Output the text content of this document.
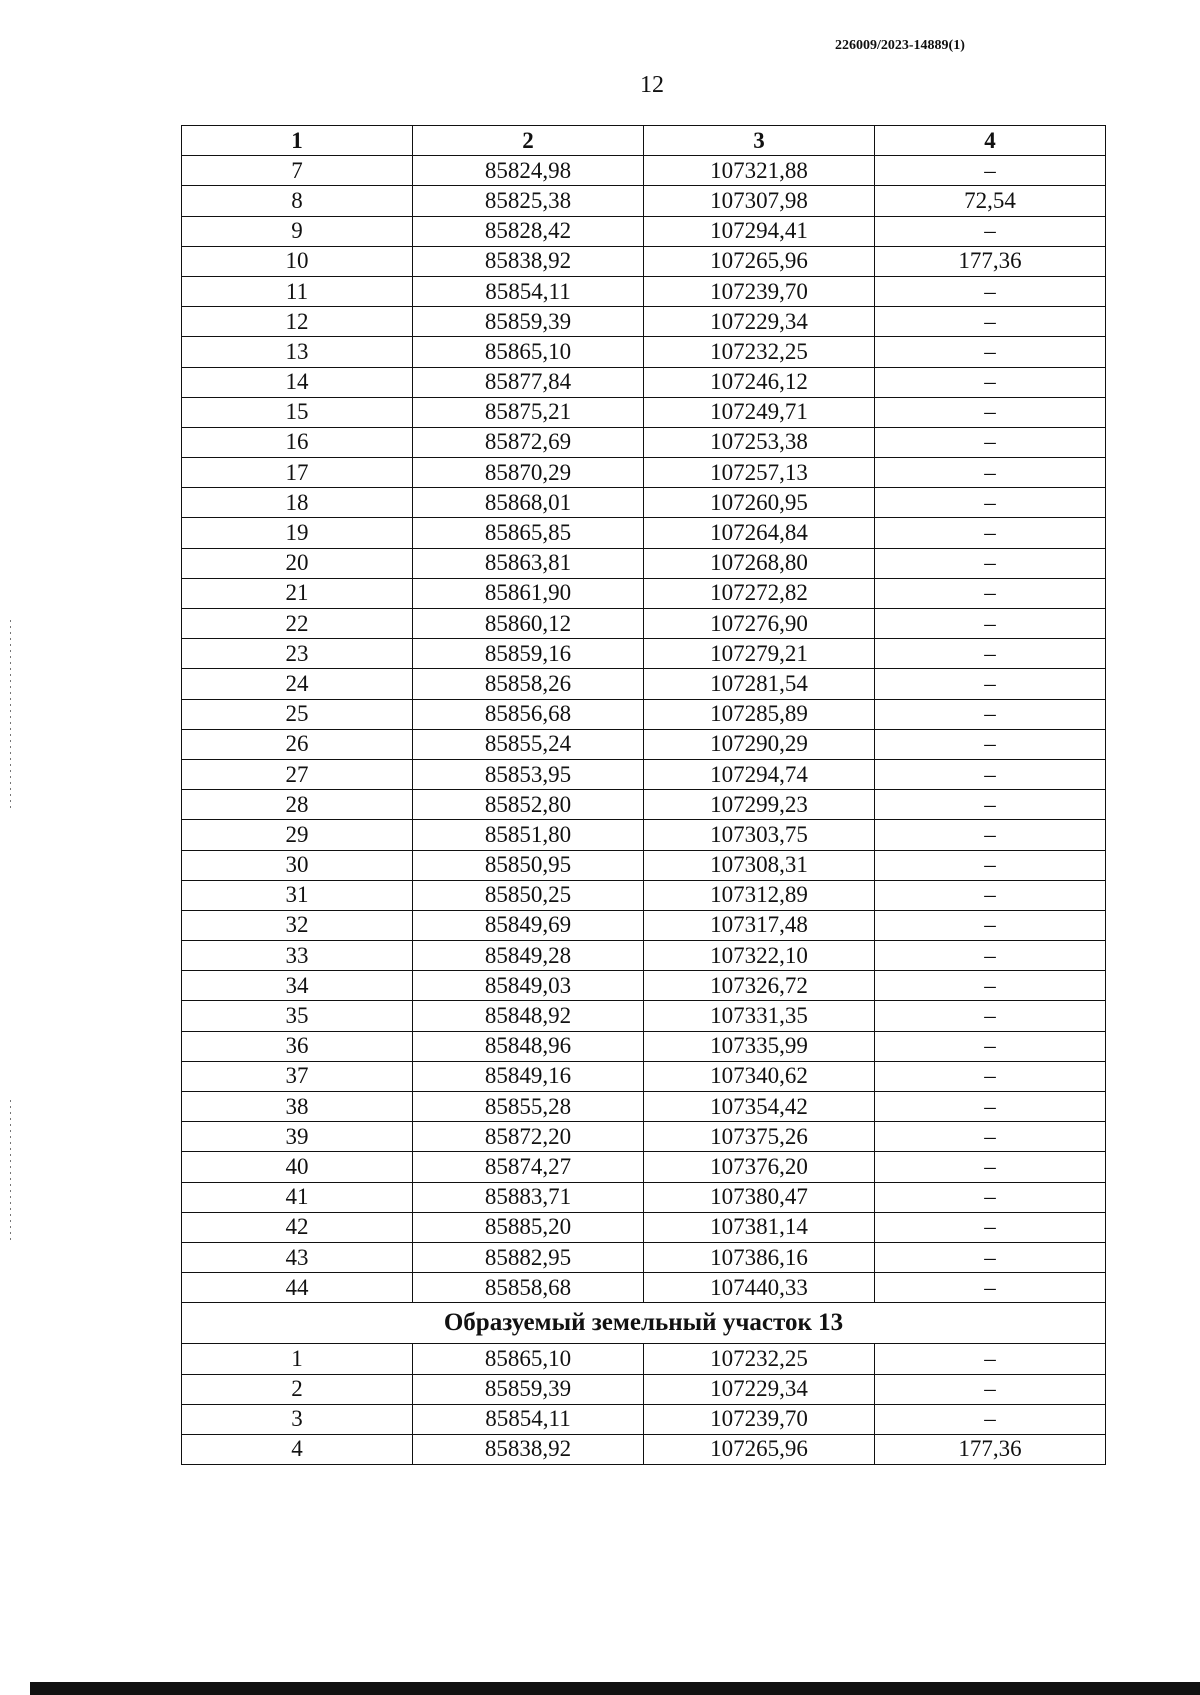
226009/2023-14889(1)
12
1	2	3	4
7	85824,98	107321,88	–
8	85825,38	107307,98	72,54
9	85828,42	107294,41	–
10	85838,92	107265,96	177,36
11	85854,11	107239,70	–
12	85859,39	107229,34	–
13	85865,10	107232,25	–
14	85877,84	107246,12	–
15	85875,21	107249,71	–
16	85872,69	107253,38	–
17	85870,29	107257,13	–
18	85868,01	107260,95	–
19	85865,85	107264,84	–
20	85863,81	107268,80	–
21	85861,90	107272,82	–
22	85860,12	107276,90	–
23	85859,16	107279,21	–
24	85858,26	107281,54	–
25	85856,68	107285,89	–
26	85855,24	107290,29	–
27	85853,95	107294,74	–
28	85852,80	107299,23	–
29	85851,80	107303,75	–
30	85850,95	107308,31	–
31	85850,25	107312,89	–
32	85849,69	107317,48	–
33	85849,28	107322,10	–
34	85849,03	107326,72	–
35	85848,92	107331,35	–
36	85848,96	107335,99	–
37	85849,16	107340,62	–
38	85855,28	107354,42	–
39	85872,20	107375,26	–
40	85874,27	107376,20	–
41	85883,71	107380,47	–
42	85885,20	107381,14	–
43	85882,95	107386,16	–
44	85858,68	107440,33	–
Образуемый земельный участок 13			
1	85865,10	107232,25	–
2	85859,39	107229,34	–
3	85854,11	107239,70	–
4	85838,92	107265,96	177,36
